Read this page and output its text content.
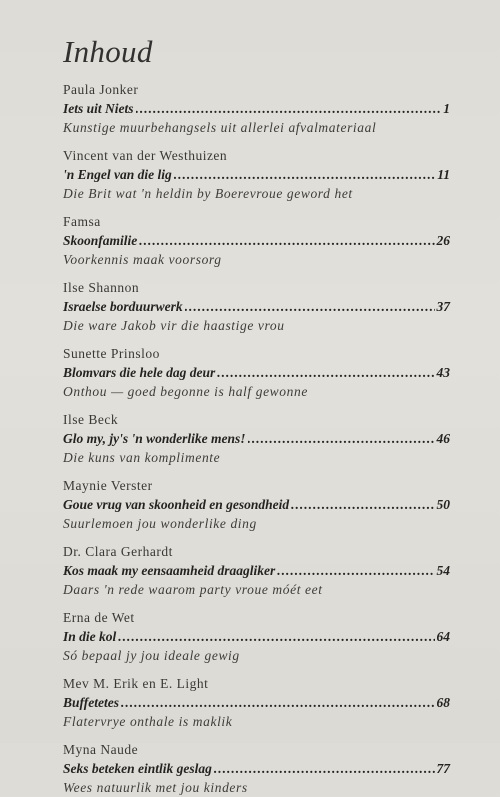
Inhoud
Paula Jonker
Iets uit Niets .....	1
Kunstige muurbehangsels uit allerlei afvalmateriaal
Vincent van der Westhuizen
'n Engel van die lig .....	11
Die Brit wat 'n heldin by Boerevroue geword het
Famsa
Skoonfamilie .....	26
Voorkennis maak voorsorg
Ilse Shannon
Israelse borduurwerk .....	37
Die ware Jakob vir die haastige vrou
Sunette Prinsloo
Blomvars die hele dag deur .....	43
Onthou — goed begonne is half gewonne
Ilse Beck
Glo my, jy's 'n wonderlike mens! .....	46
Die kuns van komplimente
Maynie Verster
Goue vrug van skoonheid en gesondheid .....	50
Suurlemoen jou wonderlike ding
Dr. Clara Gerhardt
Kos maak my eensaamheid draagliker .....	54
Daars 'n rede waarom party vroue móét eet
Erna de Wet
In die kol .....	64
Só bepaal jy jou ideale gewig
Mev M. Erik en E. Light
Buffetetes .....	68
Flatervrye onthale is maklik
Myna Naude
Seks beteken eintlik geslag .....	77
Wees natuurlik met jou kinders
